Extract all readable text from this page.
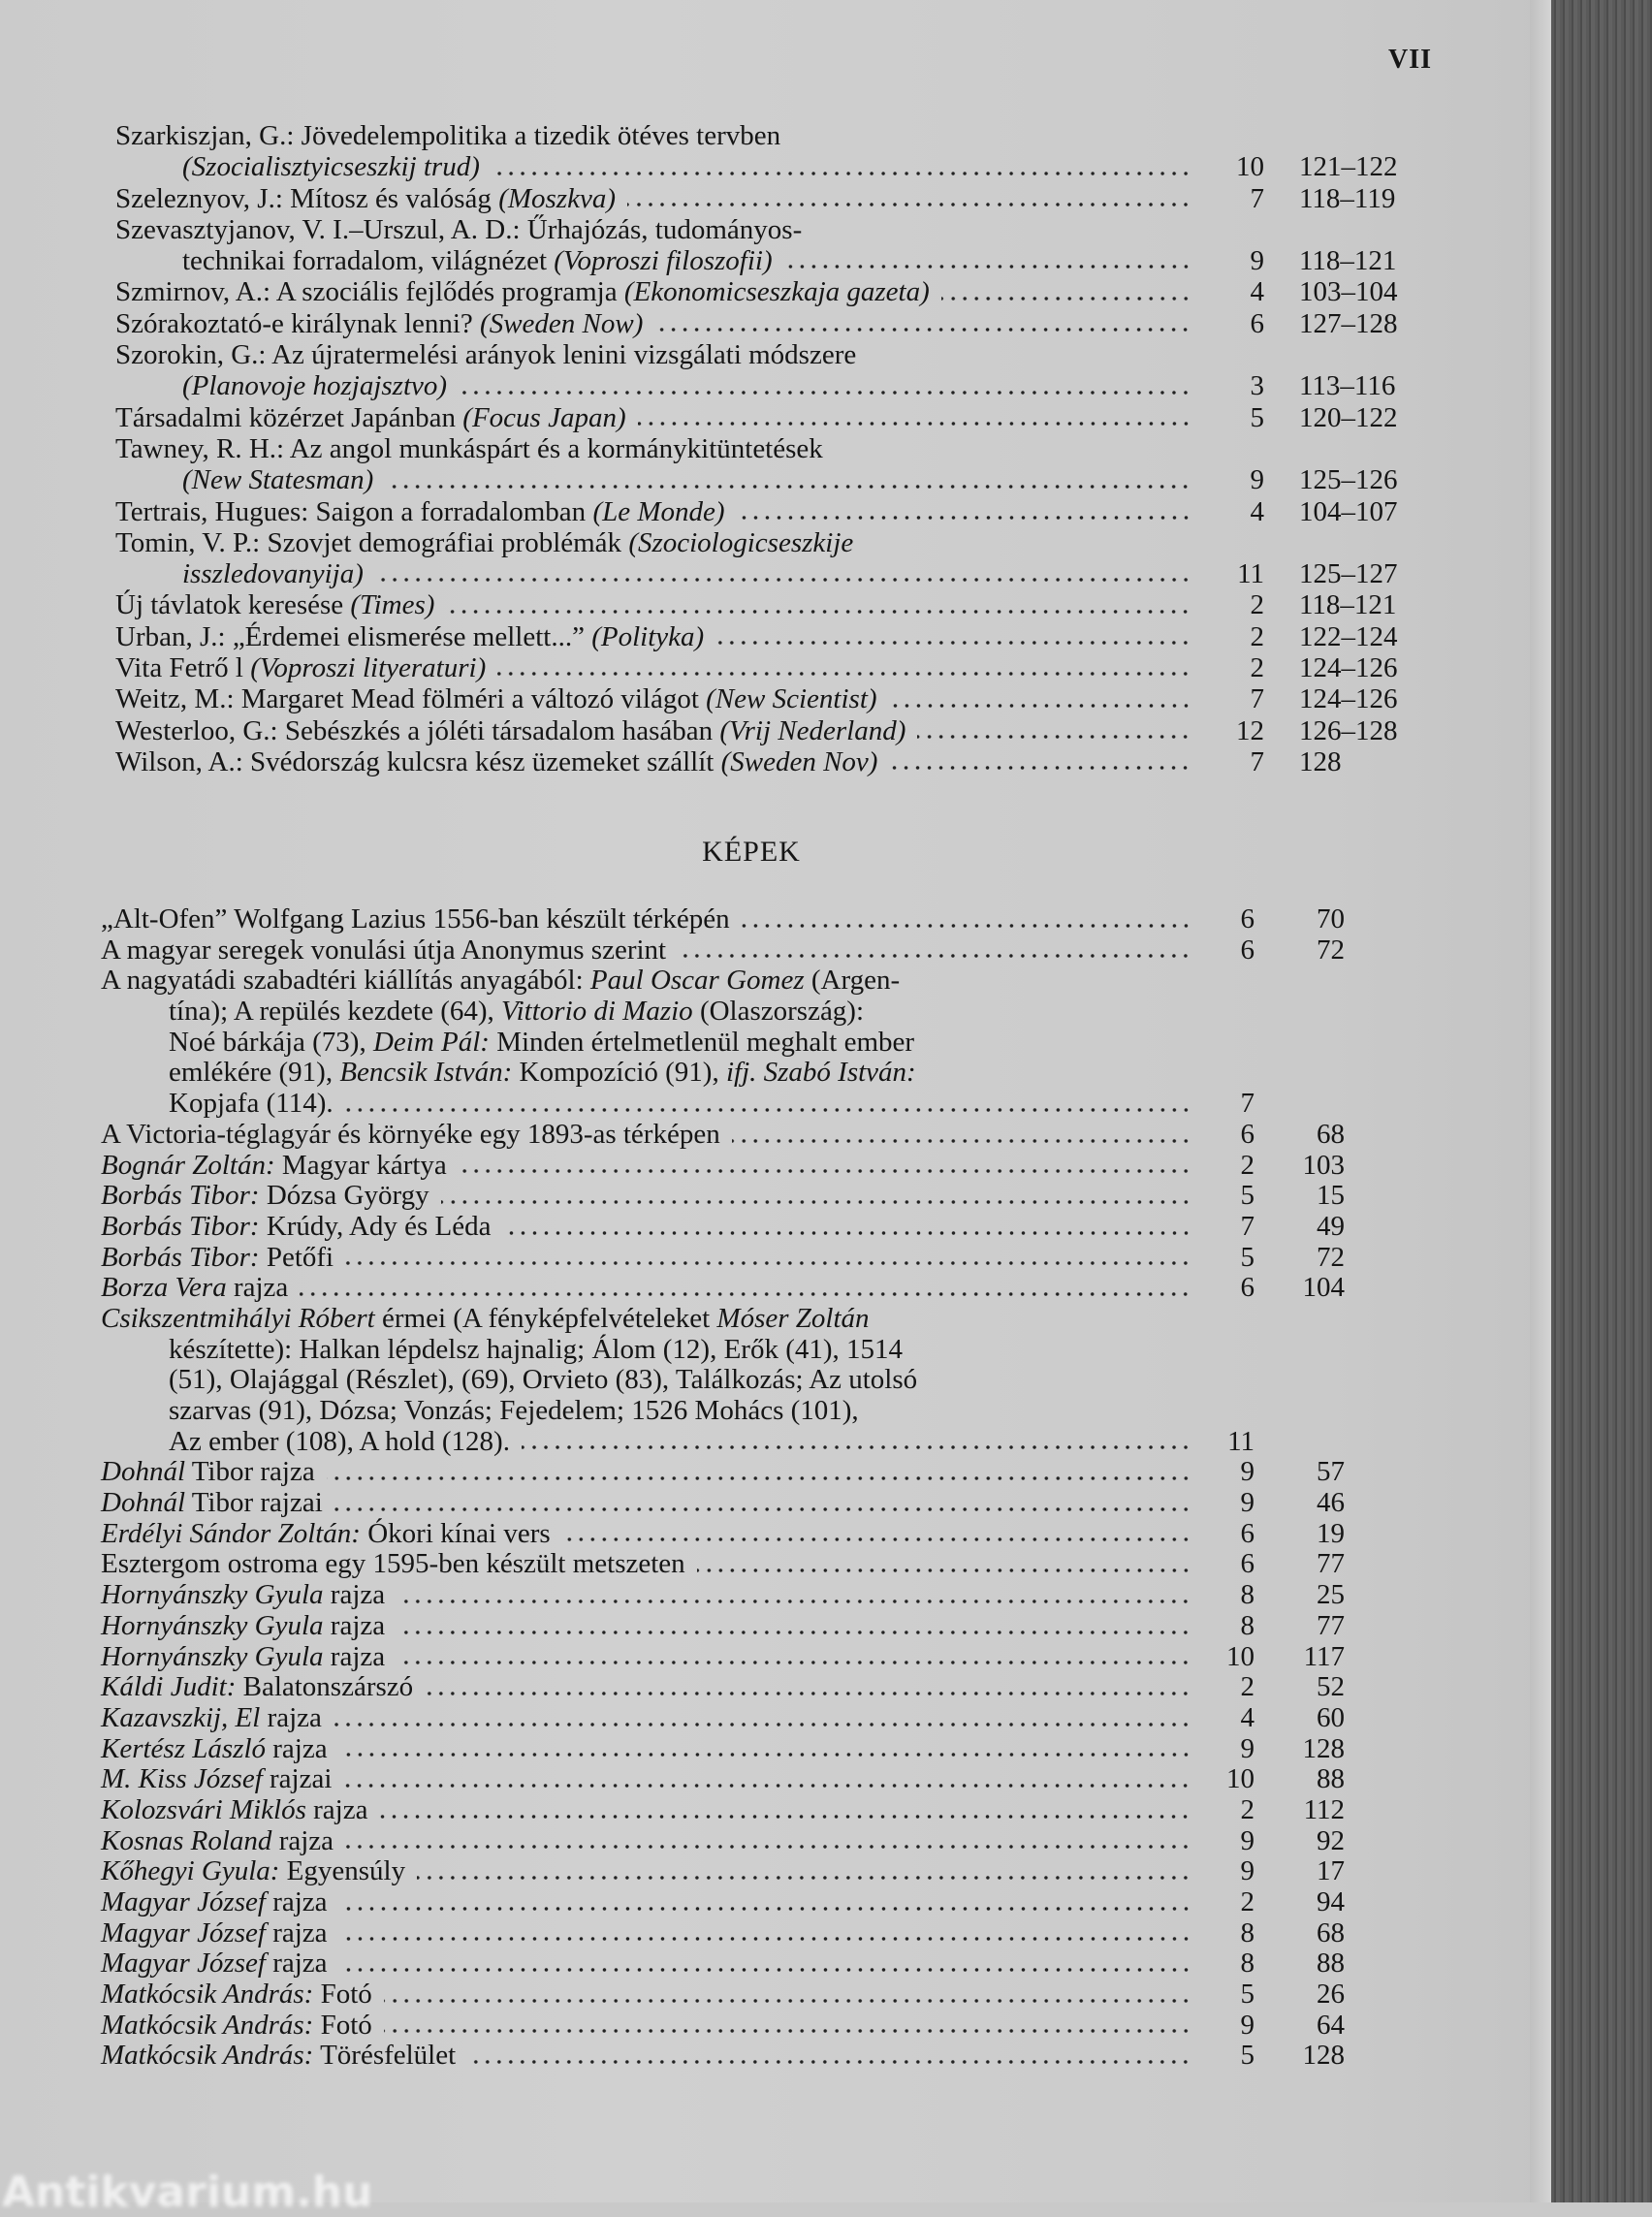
VII
Szarkiszjan, G.: Jövedelempolitika a tizedik ötéves tervben
(Szocialisztyicseszkij trud)	10 121–122
Szeleznyov, J.: Mítosz és valóság (Moszkva)	7 118–119
Szevasztyjanov, V. I.–Urszul, A. D.: Űrhajózás, tudományos-
technikai forradalom, világnézet (Voproszi filoszofii)	9 118–121
Szmirnov, A.: A szociális fejlődés programja (Ekonomicseszkaja gazeta)	4 103–104
Szórakoztató-e királynak lenni? (Sweden Now)	6 127–128
Szorokin, G.: Az újratermelési arányok lenini vizsgálati módszere
(Planovoje hozjajsztvo)	3 113–116
Társadalmi közérzet Japánban (Focus Japan)	5 120–122
Tawney, R. H.: Az angol munkáspárt és a kormánykitüntetések
(New Statesman)	9 125–126
Tertrais, Hugues: Saigon a forradalomban (Le Monde)	4 104–107
Tomin, V. P.: Szovjet demográfiai problémák (Szociologicseszkije
isszledovanyija)	11 125–127
Új távlatok keresése (Times)	2 118–121
Urban, J.: „Érdemei elismerése mellett...” (Polityka)	2 122–124
Vita Fetrő l (Voproszi lityeraturi)	2 124–126
Weitz, M.: Margaret Mead fölméri a változó világot (New Scientist)	7 124–126
Westerloo, G.: Sebészkés a jóléti társadalom hasában (Vrij Nederland)	12 126–128
Wilson, A.: Svédország kulcsra kész üzemeket szállít (Sweden Nov)	7 128
KÉPEK
„Alt-Ofen” Wolfgang Lazius 1556-ban készült térképén	6	70
A magyar seregek vonulási útja Anonymus szerint	6	72
A nagyatádi szabadtéri kiállítás anyagából: Paul Oscar Gomez (Argen-
tína); A repülés kezdete (64), Vittorio di Mazio (Olaszország):
Noé bárkája (73), Deim Pál: Minden értelmetlenül meghalt ember
emlékére (91), Bencsik István: Kompozíció (91), ifj. Szabó István:
Kopjafa (114).	7
A Victoria-téglagyár és környéke egy 1893-as térképen	6	68
Bognár Zoltán: Magyar kártya	2	103
Borbás Tibor: Dózsa György	5	15
Borbás Tibor: Krúdy, Ady és Léda	7	49
Borbás Tibor: Petőfi	5	72
Borza Vera rajza	6	104
Csikszentmihályi Róbert érmei (A fényképfelvételeket Móser Zoltán
készítette): Halkan lépdelsz hajnalig; Álom (12), Erők (41), 1514
(51), Olajággal (Részlet), (69), Orvieto (83), Találkozás; Az utolsó
szarvas (91), Dózsa; Vonzás; Fejedelem; 1526 Mohács (101),
Az ember (108), A hold (128).	11
Dohnál Tibor rajza	9	57
Dohnál Tibor rajzai	9	46
Erdélyi Sándor Zoltán: Ókori kínai vers	6	19
Esztergom ostroma egy 1595-ben készült metszeten	6	77
Hornyánszky Gyula rajza	8	25
Hornyánszky Gyula rajza	8	77
Hornyánszky Gyula rajza	10	117
Káldi Judit: Balatonszárszó	2	52
Kazavszkij, El rajza	4	60
Kertész László rajza	9	128
M. Kiss József rajzai	10	88
Kolozsvári Miklós rajza	2	112
Kosnas Roland rajza	9	92
Kőhegyi Gyula: Egyensúly	9	17
Magyar József rajza	2	94
Magyar József rajza	8	68
Magyar József rajza	8	88
Matkócsik András: Fotó	5	26
Matkócsik András: Fotó	9	64
Matkócsik András: Törésfelület	5	128
Antikvarium.hu
